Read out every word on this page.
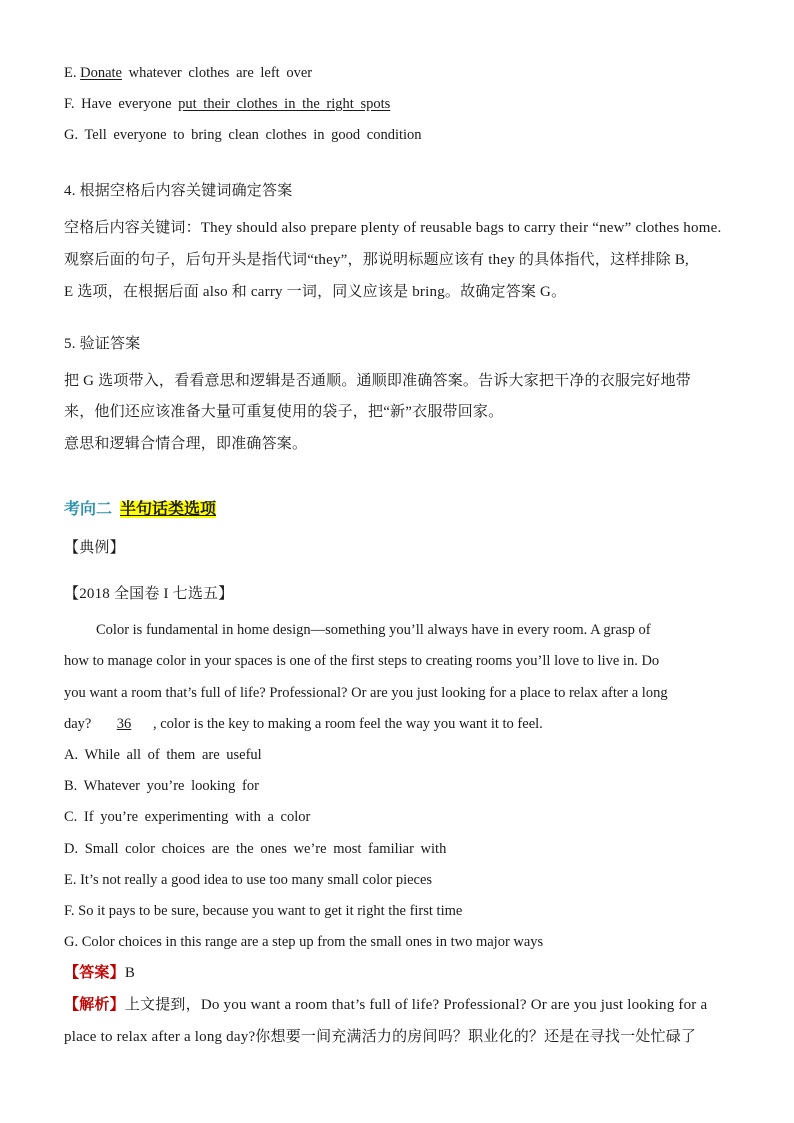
E. Donate whatever clothes are left over
F. Have everyone put their clothes in the right spots
G. Tell everyone to bring clean clothes in good condition
4. 根据空格后内容关键词确定答案
空格后内容关键词：They should also prepare plenty of reusable bags to carry their “new” clothes home.
观察后面的句子，后句开头是指代词“they”，那说明标题应该有 they 的具体指代，这样排除 B,
E 选项，在根据后面 also 和 carry 一词，同义应该是 bring。故确定答案 G。
5. 验证答案
把 G 选项带入，看看意思和逻辑是否通顺。通顺即准确答案。告诉大家把干净的衣服完好地带
来，他们还应该准备大量可重复使用的袋子，把“新”衣服带回家。
意思和逻辑合情合理，即准确答案。
考向二 半句话类选项
【典例】
【2018 全国卷 I 七选五】
Color is fundamental in home design—something you’ll always have in every room. A grasp of
how to manage color in your spaces is one of the first steps to creating rooms you’ll love to live in. Do
you want a room that’s full of life? Professional? Or are you just looking for a place to relax after a long
day? 36 , color is the key to making a room feel the way you want it to feel.
A. While all of them are useful
B. Whatever you’re looking for
C. If you’re experimenting with a color
D. Small color choices are the ones we’re most familiar with
E. It’s not really a good idea to use too many small color pieces
F. So it pays to be sure, because you want to get it right the first time
G. Color choices in this range are a step up from the small ones in two major ways
【答案】B
【解析】上文提到，Do you want a room that’s full of life? Professional? Or are you just looking for a
place to relax after a long day?你想要一间充满活力的房间吗？职业化的？还是在寻找一处忙碌了
